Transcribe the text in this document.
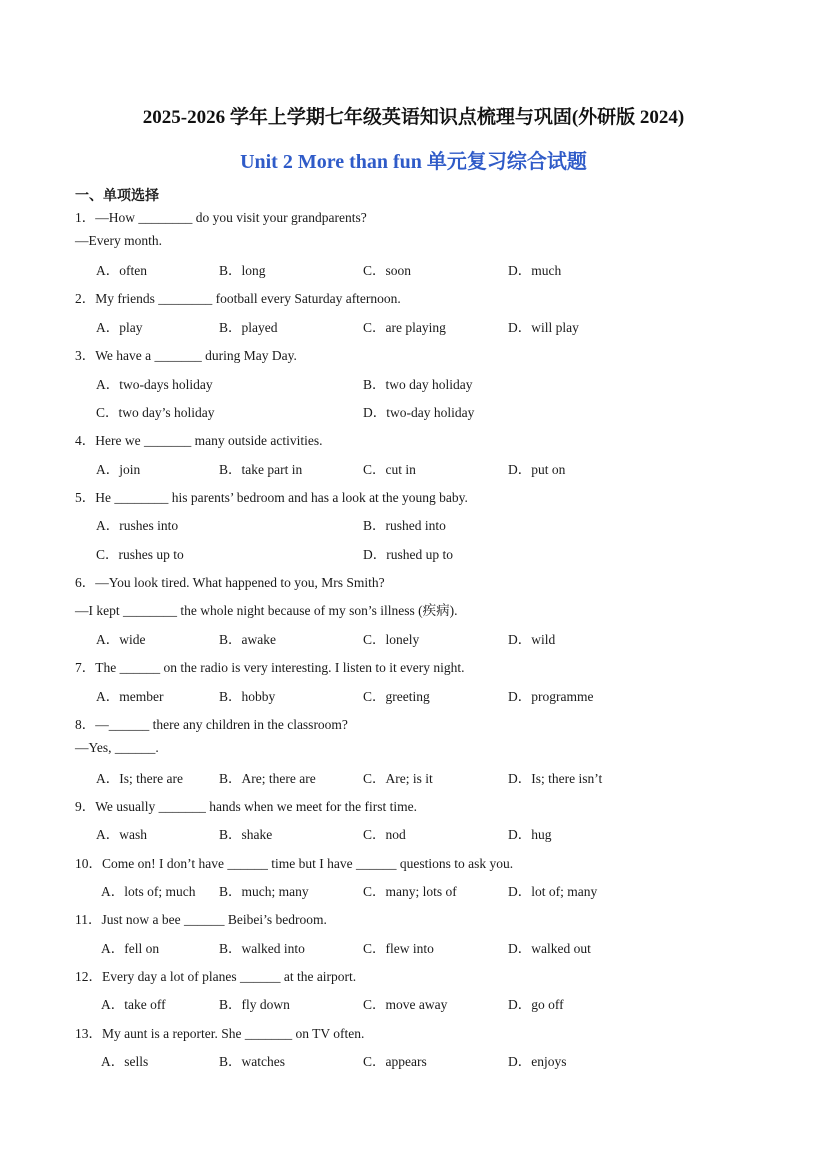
2025-2026 学年上学期七年级英语知识点梳理与巩固(外研版 2024)
Unit 2 More than fun 单元复习综合试题
一、单项选择
1．—How ________ do you visit your grandparents?
—Every month.
A．often	B．long	C．soon	D．much
2．My friends ________ football every Saturday afternoon.
A．play	B．played	C．are playing	D．will play
3．We have a _______ during May Day.
A．two-days holiday	B．two day holiday
C．two day’s holiday	D．two-day holiday
4．Here we _______ many outside activities.
A．join	B．take part in	C．cut in	D．put on
5．He ________ his parents’ bedroom and has a look at the young baby.
A．rushes into	B．rushed into
C．rushes up to	D．rushed up to
6．—You look tired. What happened to you, Mrs Smith?
—I kept ________ the whole night because of my son’s illness (疾病).
A．wide	B．awake	C．lonely	D．wild
7．The ______ on the radio is very interesting. I listen to it every night.
A．member	B．hobby	C．greeting	D．programme
8．—______ there any children in the classroom?
—Yes, ______.
A．Is; there are	B．Are; there are	C．Are; is it	D．Is; there isn’t
9．We usually _______ hands when we meet for the first time.
A．wash	B．shake	C．nod	D．hug
10．Come on! I don’t have ______ time but I have ______ questions to ask you.
A．lots of; much B．much; many	C．many; lots of	D．lot of; many
11．Just now a bee ______ Beibei’s bedroom.
A．fell on	B．walked into	C．flew into	D．walked out
12．Every day a lot of planes ______ at the airport.
A．take off	B．fly down	C．move away	D．go off
13．My aunt is a reporter. She _______ on TV often.
A．sells	B．watches	C．appears	D．enjoys
